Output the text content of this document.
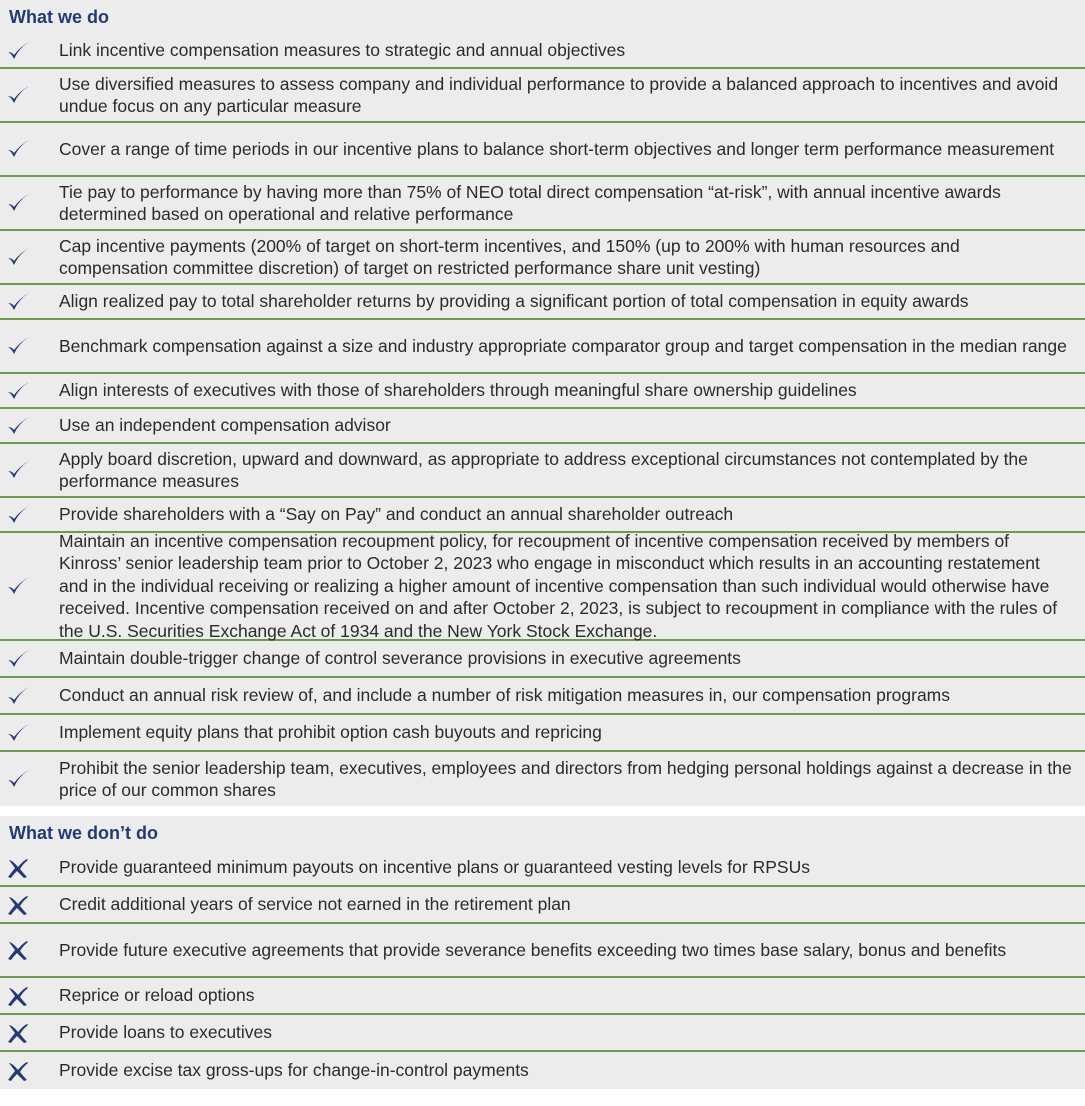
What we do
Link incentive compensation measures to strategic and annual objectives
Use diversified measures to assess company and individual performance to provide a balanced approach to incentives and avoid undue focus on any particular measure
Cover a range of time periods in our incentive plans to balance short-term objectives and longer term performance measurement
Tie pay to performance by having more than 75% of NEO total direct compensation “at-risk”, with annual incentive awards determined based on operational and relative performance
Cap incentive payments (200% of target on short-term incentives, and 150% (up to 200% with human resources and compensation committee discretion) of target on restricted performance share unit vesting)
Align realized pay to total shareholder returns by providing a significant portion of total compensation in equity awards
Benchmark compensation against a size and industry appropriate comparator group and target compensation in the median range
Align interests of executives with those of shareholders through meaningful share ownership guidelines
Use an independent compensation advisor
Apply board discretion, upward and downward, as appropriate to address exceptional circumstances not contemplated by the performance measures
Provide shareholders with a “Say on Pay” and conduct an annual shareholder outreach
Maintain an incentive compensation recoupment policy, for recoupment of incentive compensation received by members of Kinross’ senior leadership team prior to October 2, 2023 who engage in misconduct which results in an accounting restatement and in the individual receiving or realizing a higher amount of incentive compensation than such individual would otherwise have received. Incentive compensation received on and after October 2, 2023, is subject to recoupment in compliance with the rules of the U.S. Securities Exchange Act of 1934 and the New York Stock Exchange.
Maintain double-trigger change of control severance provisions in executive agreements
Conduct an annual risk review of, and include a number of risk mitigation measures in, our compensation programs
Implement equity plans that prohibit option cash buyouts and repricing
Prohibit the senior leadership team, executives, employees and directors from hedging personal holdings against a decrease in the price of our common shares
What we don’t do
Provide guaranteed minimum payouts on incentive plans or guaranteed vesting levels for RPSUs
Credit additional years of service not earned in the retirement plan
Provide future executive agreements that provide severance benefits exceeding two times base salary, bonus and benefits
Reprice or reload options
Provide loans to executives
Provide excise tax gross-ups for change-in-control payments
